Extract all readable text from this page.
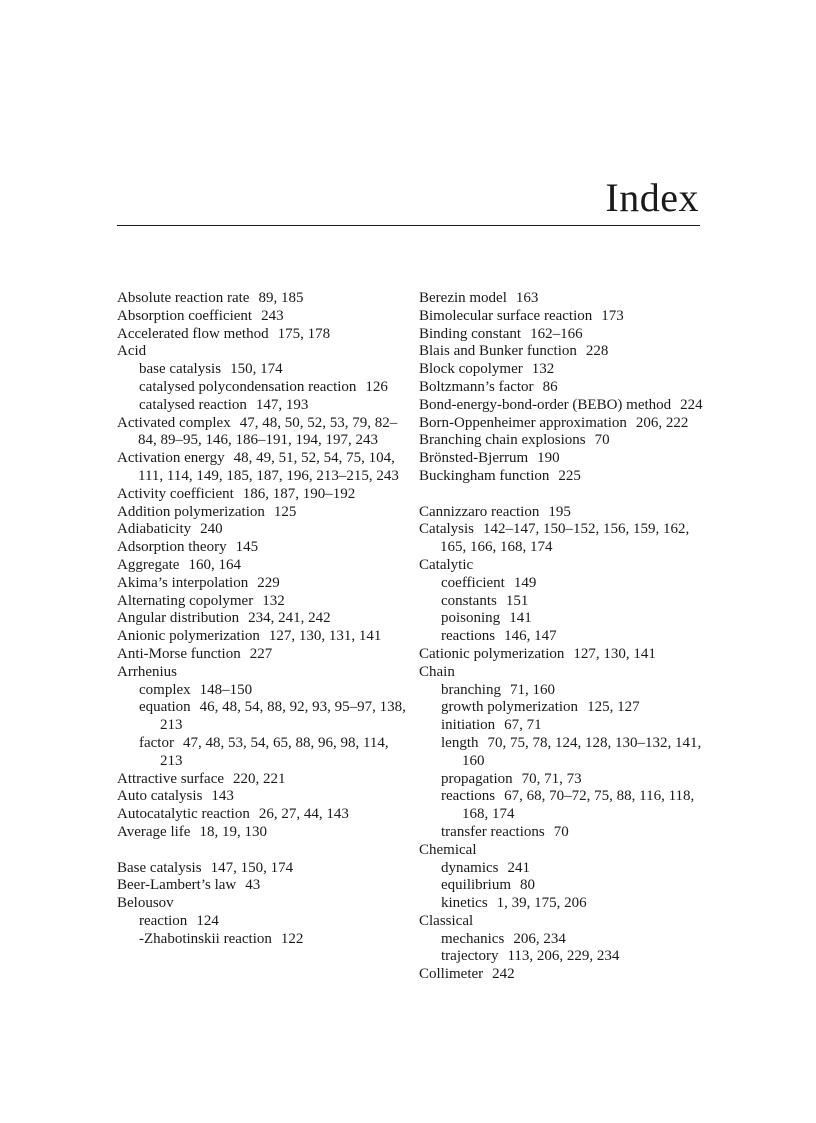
Index
Absolute reaction rate 89, 185
Absorption coefficient 243
Accelerated flow method 175, 178
Acid
base catalysis 150, 174
catalysed polycondensation reaction 126
catalysed reaction 147, 193
Activated complex 47, 48, 50, 52, 53, 79, 82–84, 89–95, 146, 186–191, 194, 197, 243
Activation energy 48, 49, 51, 52, 54, 75, 104, 111, 114, 149, 185, 187, 196, 213–215, 243
Activity coefficient 186, 187, 190–192
Addition polymerization 125
Adiabaticity 240
Adsorption theory 145
Aggregate 160, 164
Akima’s interpolation 229
Alternating copolymer 132
Angular distribution 234, 241, 242
Anionic polymerization 127, 130, 131, 141
Anti-Morse function 227
Arrhenius
complex 148–150
equation 46, 48, 54, 88, 92, 93, 95–97, 138, 213
factor 47, 48, 53, 54, 65, 88, 96, 98, 114, 213
Attractive surface 220, 221
Auto catalysis 143
Autocatalytic reaction 26, 27, 44, 143
Average life 18, 19, 130
Base catalysis 147, 150, 174
Beer-Lambert’s law 43
Belousov
reaction 124
-Zhabotinskii reaction 122
Berezin model 163
Bimolecular surface reaction 173
Binding constant 162–166
Blais and Bunker function 228
Block copolymer 132
Boltzmann’s factor 86
Bond-energy-bond-order (BEBO) method 224
Born-Oppenheimer approximation 206, 222
Branching chain explosions 70
Brönsted-Bjerrum 190
Buckingham function 225
Cannizzaro reaction 195
Catalysis 142–147, 150–152, 156, 159, 162, 165, 166, 168, 174
Catalytic
coefficient 149
constants 151
poisoning 141
reactions 146, 147
Cationic polymerization 127, 130, 141
Chain
branching 71, 160
growth polymerization 125, 127
initiation 67, 71
length 70, 75, 78, 124, 128, 130–132, 141, 160
propagation 70, 71, 73
reactions 67, 68, 70–72, 75, 88, 116, 118, 168, 174
transfer reactions 70
Chemical
dynamics 241
equilibrium 80
kinetics 1, 39, 175, 206
Classical
mechanics 206, 234
trajectory 113, 206, 229, 234
Collimeter 242
